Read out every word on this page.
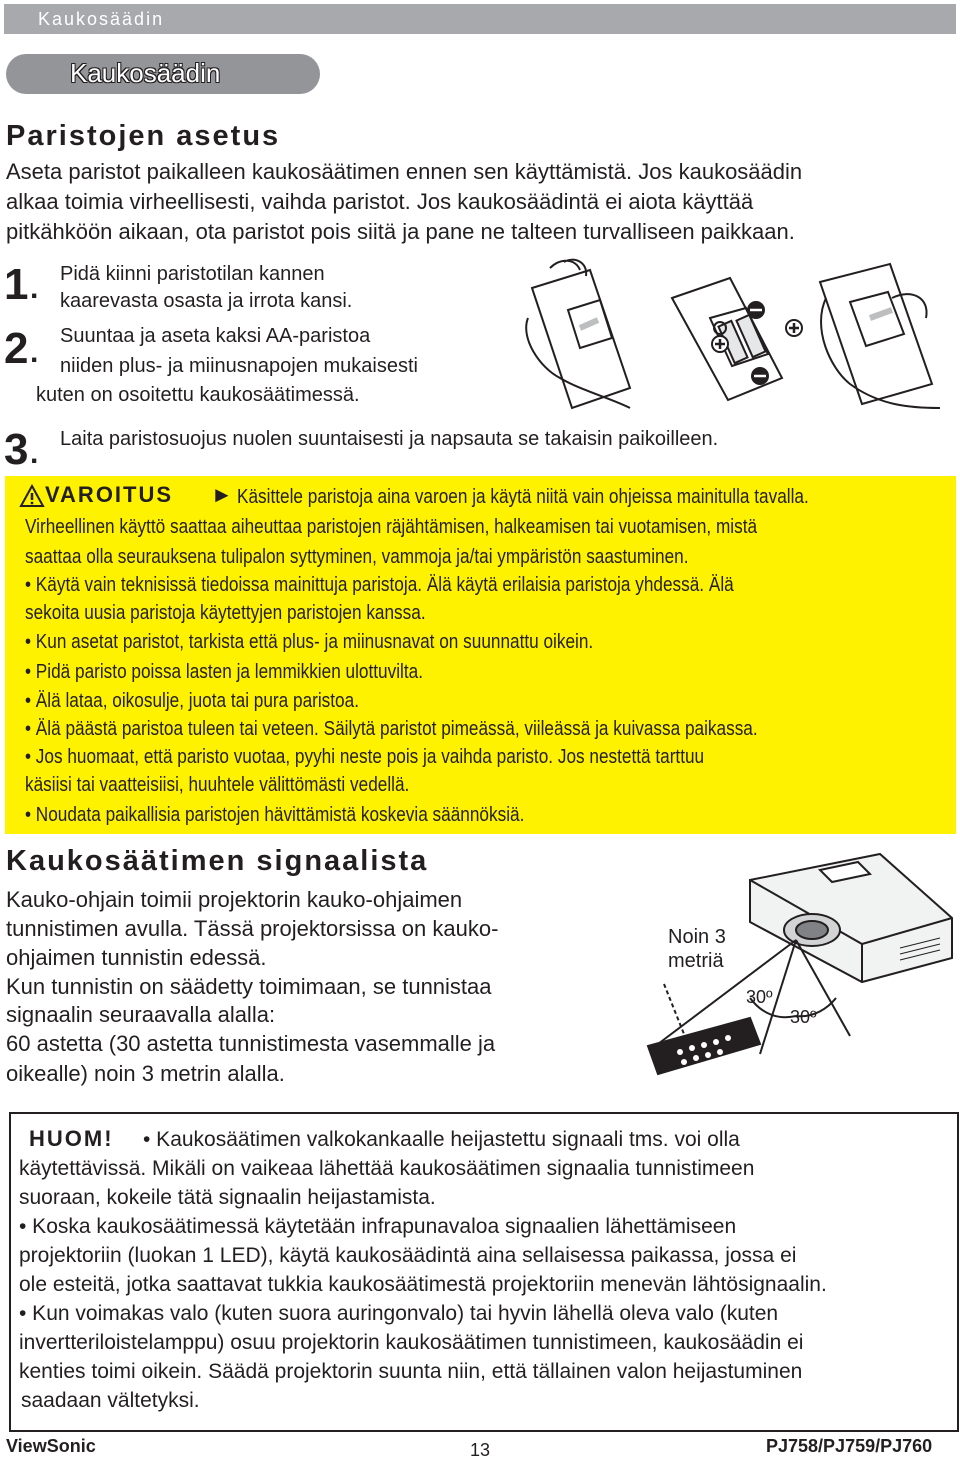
Kaukosäädin
Kaukosäädin
Paristojen asetus
Aseta paristot paikalleen kaukosäätimen ennen sen käyttämistä. Jos kaukosäädin
alkaa toimia virheellisesti, vaihda paristot. Jos kaukosäädintä ei aiota käyttää
pitkähköön aikaan, ota paristot pois siitä ja pane ne talteen turvalliseen paikkaan.
1 . Pidä kiinni paristotilan kannen
kaarevasta osasta ja irrota kansi.
2 . Suuntaa ja aseta kaksi AA-paristoa
niiden plus- ja miinusnapojen mukaisesti
kuten on osoitettu kaukosäätimessä.
3 . Laita paristosuojus nuolen suuntaisesti ja napsauta se takaisin paikoilleen.
VAROITUS ► Käsittele paristoja aina varoen ja käytä niitä vain ohjeissa mainitulla tavalla.
Virheellinen käyttö saattaa aiheuttaa paristojen räjähtämisen, halkeamisen tai vuotamisen, mistä
saattaa olla seurauksena tulipalon syttyminen, vammoja ja/tai ympäristön saastuminen.
• Käytä vain teknisissä tiedoissa mainittuja paristoja. Älä käytä erilaisia paristoja yhdessä. Älä
sekoita uusia paristoja käytettyjen paristojen kanssa.
• Kun asetat paristot, tarkista että plus- ja miinusnavat on suunnattu oikein.
• Pidä paristo poissa lasten ja lemmikkien ulottuvilta.
• Älä lataa, oikosulje, juota tai pura paristoa.
• Älä päästä paristoa tuleen tai veteen. Säilytä paristot pimeässä, viileässä ja kuivassa paikassa.
• Jos huomaat, että paristo vuotaa, pyyhi neste pois ja vaihda paristo. Jos nestettä tarttuu
käsiisi tai vaatteisiisi, huuhtele välittömästi vedellä.
• Noudata paikallisia paristojen hävittämistä koskevia säännöksiä.
Kaukosäätimen signaalista
Kauko-ohjain toimii projektorin kauko-ohjaimen
tunnistimen avulla. Tässä projektorsissa on kauko-
ohjaimen tunnistin edessä.
Kun tunnistin on säädetty toimimaan, se tunnistaa
signaalin seuraavalla alalla:
60 astetta (30 astetta tunnistimesta vasemmalle ja
oikealle) noin 3 metrin alalla.
Noin 3
metriä
30º
30º
HUOM! • Kaukosäätimen valkokankaalle heijastettu signaali tms. voi olla
käytettävissä. Mikäli on vaikeaa lähettää kaukosäätimen signaalia tunnistimeen
suoraan, kokeile tätä signaalin heijastamista.
• Koska kaukosäätimessä käytetään infrapunavaloa signaalien lähettämiseen
projektoriin (luokan 1 LED), käytä kaukosäädintä aina sellaisessa paikassa, jossa ei
ole esteitä, jotka saattavat tukkia kaukosäätimestä projektoriin menevän lähtösignaalin.
• Kun voimakas valo (kuten suora auringonvalo) tai hyvin lähellä oleva valo (kuten
invertteriloistelamppu) osuu projektorin kaukosäätimen tunnistimeen, kaukosäädin ei
kenties toimi oikein. Säädä projektorin suunta niin, että tällainen valon heijastuminen
saadaan vältetyksi.
ViewSonic	13	PJ758/PJ759/PJ760
